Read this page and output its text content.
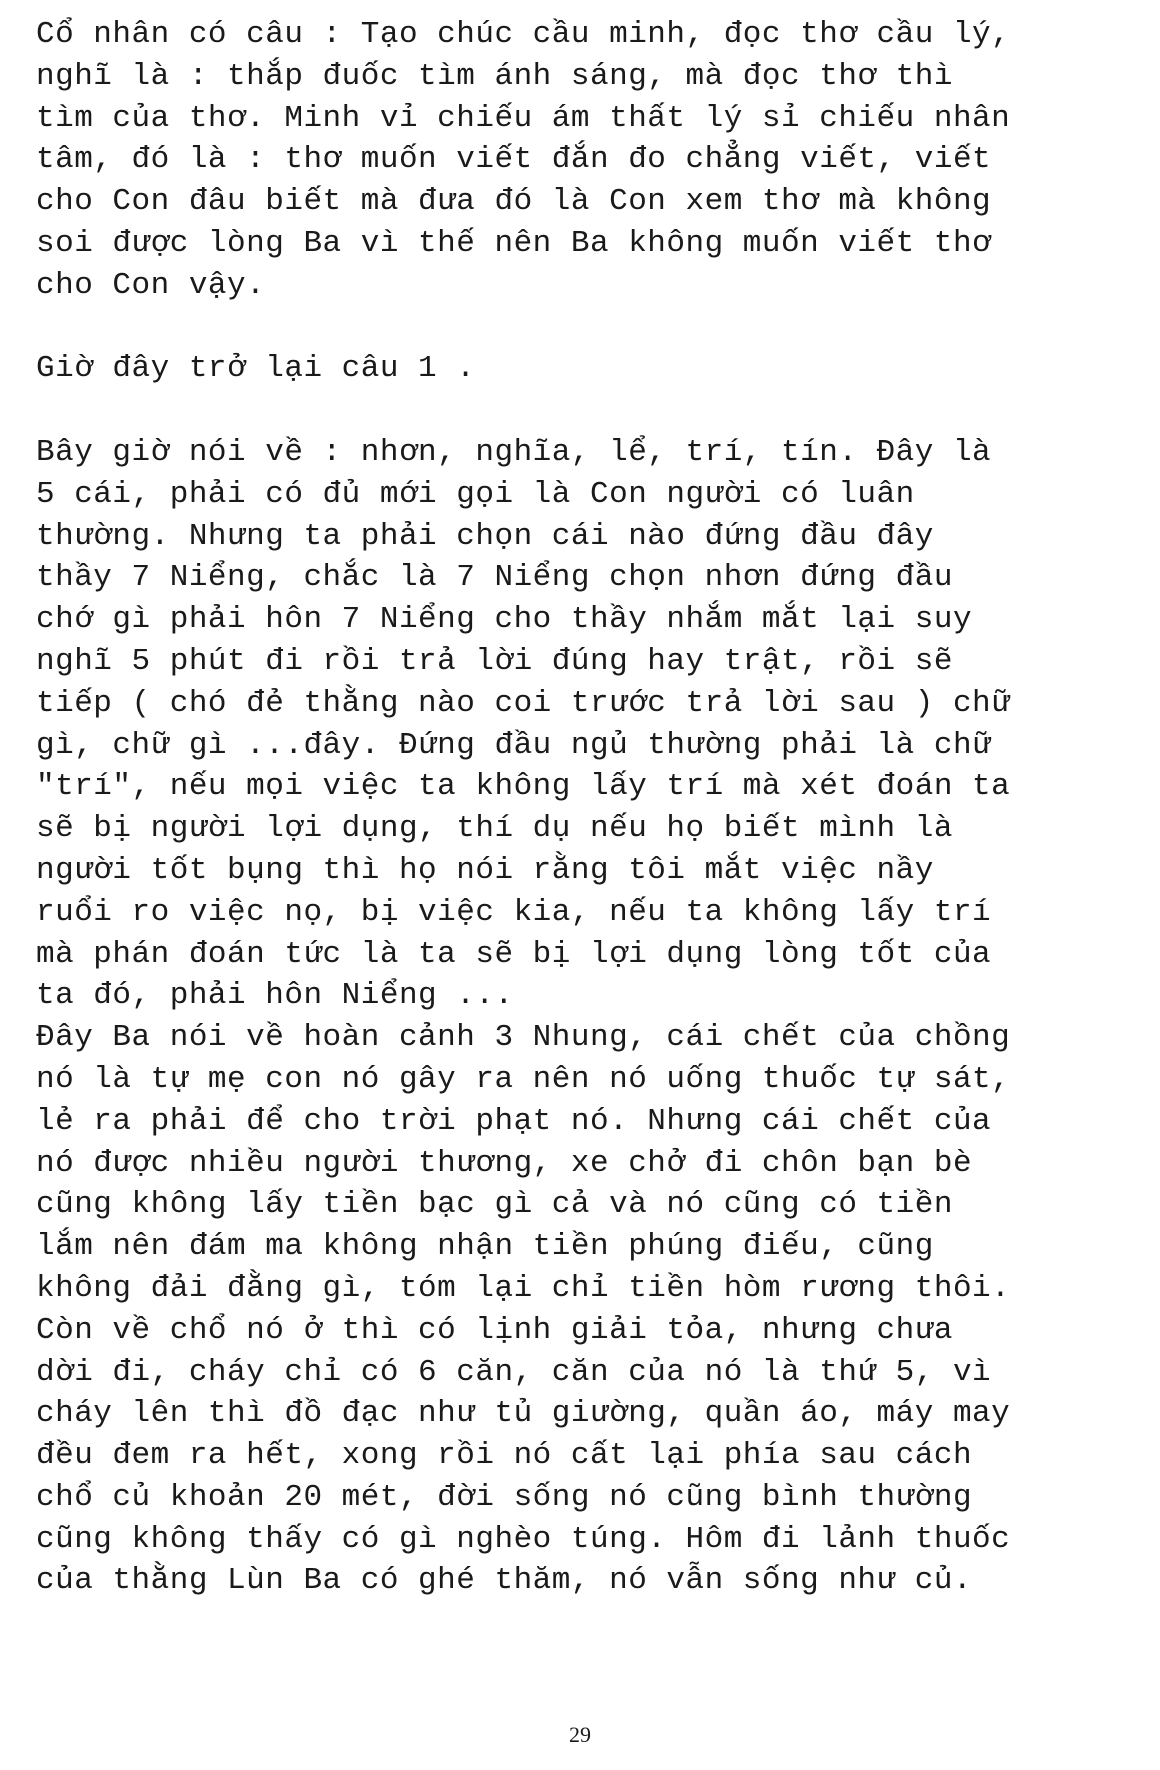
Cổ nhân có câu : Tạo chúc cầu minh, đọc thơ cầu lý,
nghĩ là : thắp đuốc tìm ánh sáng, mà đọc thơ thì
tìm của thơ. Minh vỉ chiếu ám thất lý sỉ chiếu nhân
tâm, đó là : thơ muốn viết đắn đo chẳng viết, viết
cho Con đâu biết mà đưa đó là Con xem thơ mà không
soi được lòng Ba vì thế nên Ba không muốn viết thơ
cho Con vậy.
Giờ đây trở lại câu 1 .
Bây giờ nói về : nhơn, nghĩa, lể, trí, tín. Đây là
5 cái, phải có đủ mới gọi là Con người có luân
thường. Nhưng ta phải chọn cái nào đứng đầu đây
thầy 7 Niểng, chắc là 7 Niểng chọn nhơn đứng đầu
chớ gì phải hôn 7 Niểng cho thầy nhắm mắt lại suy
nghĩ 5 phút đi rồi trả lời đúng hay trật, rồi sẽ
tiếp ( chó đẻ thằng nào coi trước trả lời sau ) chữ
gì, chữ gì ...đây. Đứng đầu ngủ thường phải là chữ
"trí", nếu mọi việc ta không lấy trí mà xét đoán ta
sẽ bị người lợi dụng, thí dụ nếu họ biết mình là
người tốt bụng thì họ nói rằng tôi mắt việc nầy
ruổi ro việc nọ, bị việc kia, nếu ta không lấy trí
mà phán đoán tức là ta sẽ bị lợi dụng lòng tốt của
ta đó, phải hôn Niểng ...
Đây Ba nói về hoàn cảnh 3 Nhung, cái chết của chồng
nó là tự mẹ con nó gây ra nên nó uống thuốc tự sát,
lẻ ra phải để cho trời phạt nó. Nhưng cái chết của
nó được nhiều người thương, xe chở đi chôn bạn bè
cũng không lấy tiền bạc gì cả và nó cũng có tiền
lắm nên đám ma không nhận tiền phúng điếu, cũng
không đải đằng gì, tóm lại chỉ tiền hòm rương thôi.
Còn về chổ nó ở thì có lịnh giải tỏa, nhưng chưa
dời đi, cháy chỉ có 6 căn, căn của nó là thứ 5, vì
cháy lên thì đồ đạc như tủ giường, quần áo, máy may
đều đem ra hết, xong rồi nó cất lại phía sau cách
chổ củ khoản 20 mét, đời sống nó cũng bình thường
cũng không thấy có gì nghèo túng. Hôm đi lảnh thuốc
của thằng Lùn Ba có ghé thăm, nó vẫn sống như củ.
29
